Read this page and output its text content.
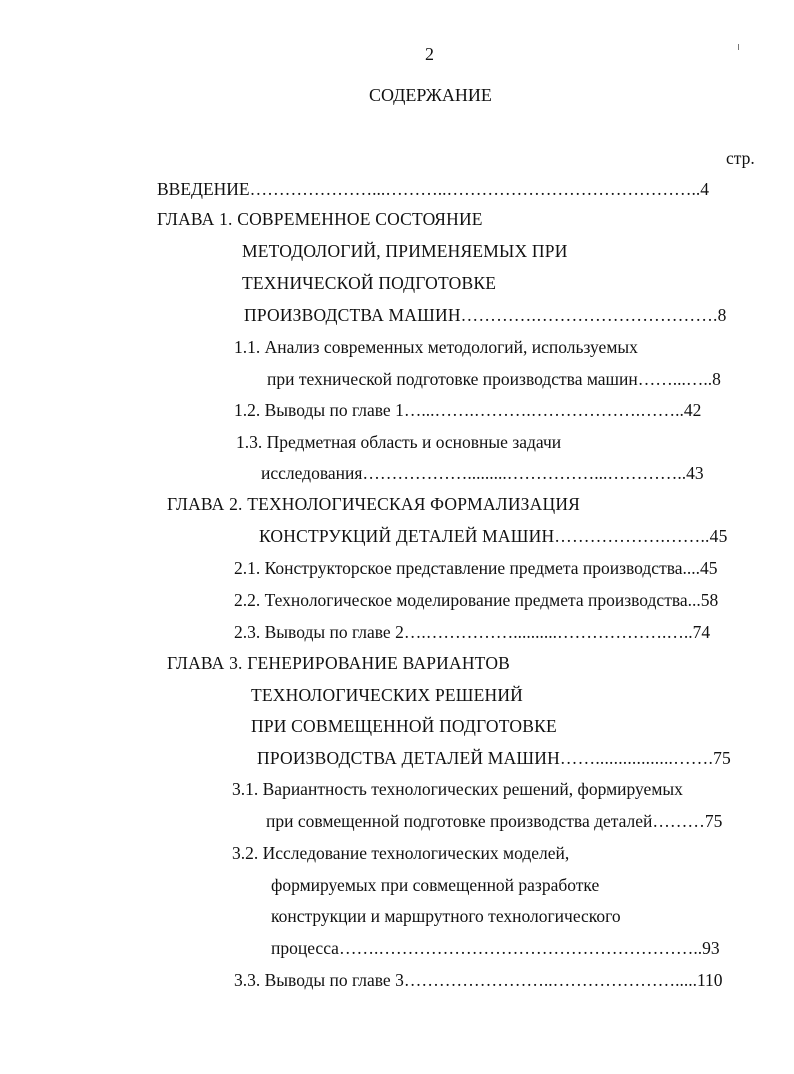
2
СОДЕРЖАНИЕ
стр.
ВВЕДЕНИЕ…………………...………..……………………………………..4
ГЛАВА 1. СОВРЕМЕННОЕ СОСТОЯНИЕ
МЕТОДОЛОГИЙ, ПРИМЕНЯЕМЫХ ПРИ
ТЕХНИЧЕСКОЙ ПОДГОТОВКЕ
ПРОИЗВОДСТВА МАШИН………….………………………….8
1.1. Анализ современных методологий, используемых
при технической подготовке производства машин……...…..8
1.2. Выводы по главе 1…...…….……….……………….……..42
1.3. Предметная область и основные задачи
исследования……………….........……………...…………..43
ГЛАВА 2. ТЕХНОЛОГИЧЕСКАЯ ФОРМАЛИЗАЦИЯ
КОНСТРУКЦИЙ ДЕТАЛЕЙ МАШИН……………….……..45
2.1. Конструкторское представление предмета производства....45
2.2. Технологическое моделирование предмета производства...58
2.3. Выводы по главе 2….……………..........……………….…..74
ГЛАВА 3. ГЕНЕРИРОВАНИЕ ВАРИАНТОВ
ТЕХНОЛОГИЧЕСКИХ РЕШЕНИЙ
ПРИ СОВМЕЩЕННОЙ ПОДГОТОВКЕ
ПРОИЗВОДСТВА ДЕТАЛЕЙ МАШИН…….................…….75
3.1. Вариантность технологических решений, формируемых
при совмещенной подготовке производства деталей………75
3.2. Исследование технологических моделей,
формируемых при совмещенной разработке
конструкции и маршрутного технологического
процесса…….………………………………………………..93
3.3. Выводы по главе 3……………………..………………….....110
